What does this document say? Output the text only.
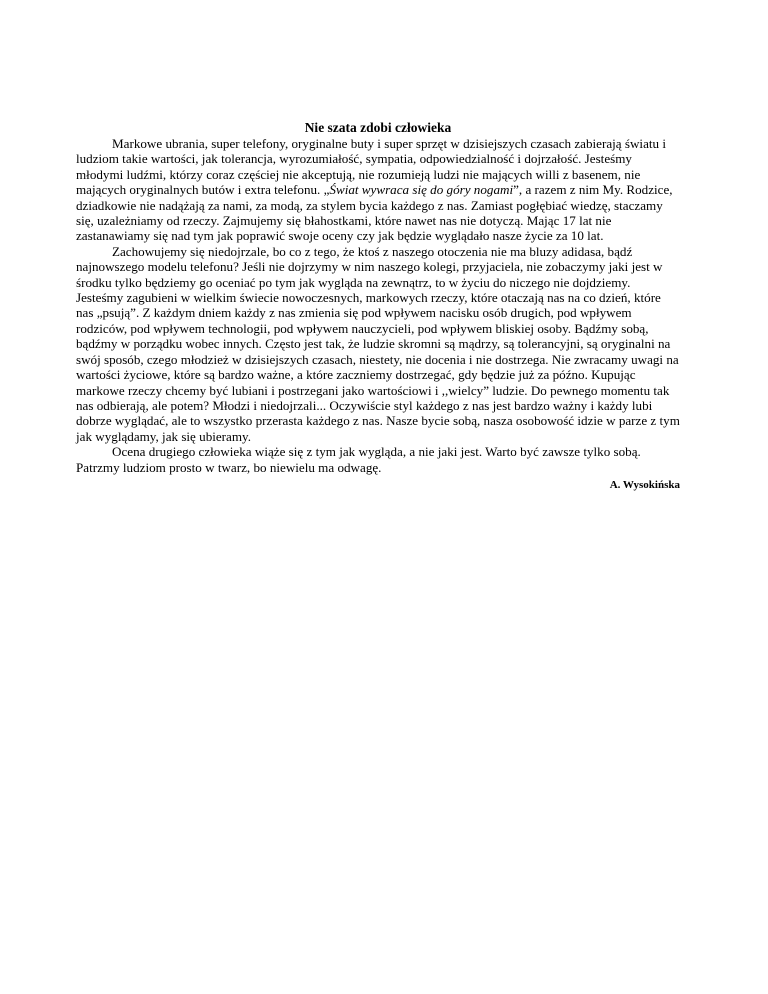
Nie szata zdobi człowieka

Markowe ubrania, super telefony, oryginalne buty i super sprzęt w dzisiejszych czasach zabierają światu i ludziom takie wartości, jak tolerancja, wyrozumiałość, sympatia, odpowiedzialność i dojrzałość. Jesteśmy młodymi ludźmi, którzy coraz częściej nie akceptują, nie rozumieją ludzi nie mających willi z basenem, nie mających oryginalnych butów i extra telefonu. „Świat wywraca się do góry nogami”, a razem z nim My. Rodzice, dziadkowie nie nadążają za nami, za modą, za stylem bycia każdego z nas. Zamiast pogłębiać wiedzę, staczamy się, uzależniamy od rzeczy. Zajmujemy się błahostkami, które nawet nas nie dotyczą. Mając 17 lat nie zastanawiamy się nad tym jak poprawić swoje oceny czy jak będzie wyglądało nasze życie za 10 lat.

Zachowujemy się niedojrzale, bo co z tego, że ktoś z naszego otoczenia nie ma bluzy adidasa, bądź najnowszego modelu telefonu? Jeśli nie dojrzymy w nim naszego kolegi, przyjaciela, nie zobaczymy jaki jest w środku tylko będziemy go oceniać po tym jak wygląda na zewnątrz, to w życiu do niczego nie dojdziemy. Jesteśmy zagubieni w wielkim świecie nowoczesnych, markowych rzeczy, które otaczają nas na co dzień, które nas „psują”. Z każdym dniem każdy z nas zmienia się pod wpływem nacisku osób drugich, pod wpływem rodziców, pod wpływem technologii, pod wpływem nauczycieli, pod wpływem bliskiej osoby. Bądźmy sobą, bądźmy w porządku wobec innych. Często jest tak, że ludzie skromni są mądrzy, są tolerancyjni, są oryginalni na swój sposób, czego młodzież w dzisiejszych czasach, niestety, nie docenia i nie dostrzega. Nie zwracamy uwagi na wartości życiowe, które są bardzo ważne, a które zaczniemy dostrzegać, gdy będzie już za późno. Kupując markowe rzeczy chcemy być lubiani i postrzegani jako wartościowi i ,,wielcy” ludzie. Do pewnego momentu tak nas odbierają, ale potem? Młodzi i niedojrzali... Oczywiście styl każdego z nas jest bardzo ważny i każdy lubi dobrze wyglądać, ale to wszystko przerasta każdego z nas. Nasze bycie sobą, nasza osobowość idzie w parze z tym jak wyglądamy, jak się ubieramy.

Ocena drugiego człowieka wiąże się z tym jak wygląda, a nie jaki jest. Warto być zawsze tylko sobą. Patrzmy ludziom prosto w twarz, bo niewielu ma odwagę.

A. Wysokińska
